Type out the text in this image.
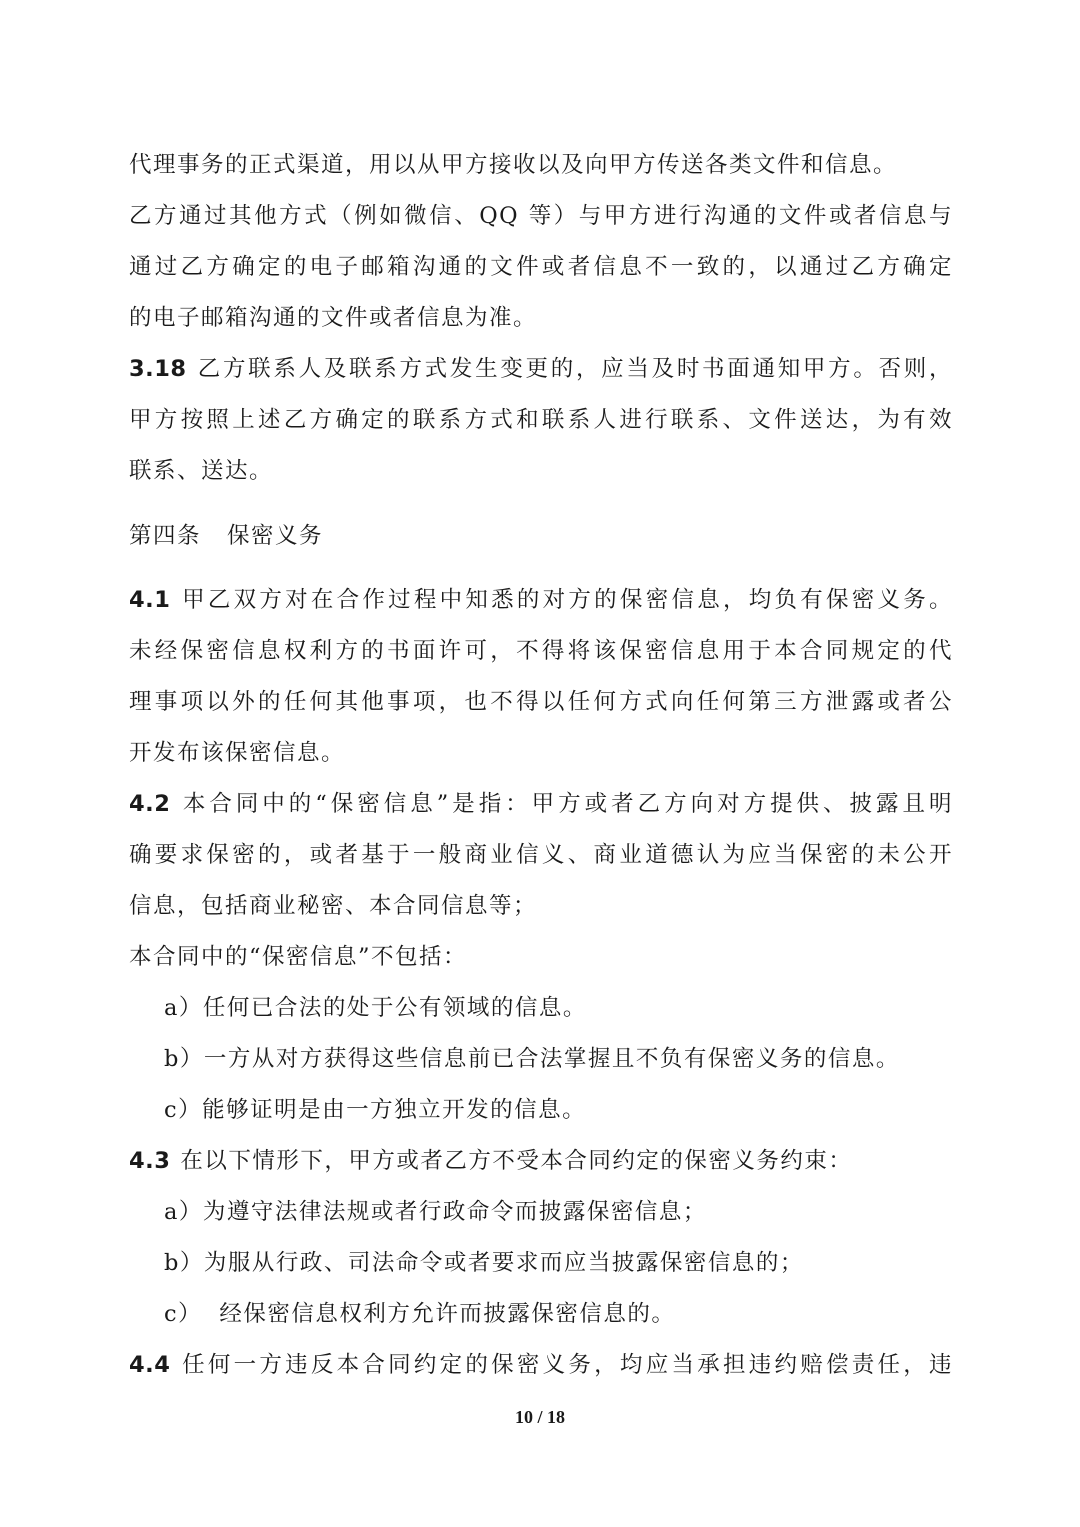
代理事务的正式渠道，用以从甲方接收以及向甲方传送各类文件和信息。
乙方通过其他方式（例如微信、QQ 等）与甲方进行沟通的文件或者信息与
通过乙方确定的电子邮箱沟通的文件或者信息不一致的，以通过乙方确定
的电子邮箱沟通的文件或者信息为准。
3.18 乙方联系人及联系方式发生变更的，应当及时书面通知甲方。否则，
甲方按照上述乙方确定的联系方式和联系人进行联系、文件送达，为有效
联系、送达。
第四条 保密义务
4.1 甲乙双方对在合作过程中知悉的对方的保密信息，均负有保密义务。
未经保密信息权利方的书面许可，不得将该保密信息用于本合同规定的代
理事项以外的任何其他事项，也不得以任何方式向任何第三方泄露或者公
开发布该保密信息。
4.2 本合同中的“保密信息”是指：甲方或者乙方向对方提供、披露且明
确要求保密的，或者基于一般商业信义、商业道德认为应当保密的未公开
信息，包括商业秘密、本合同信息等；
本合同中的“保密信息”不包括：
a）任何已合法的处于公有领域的信息。
b）一方从对方获得这些信息前已合法掌握且不负有保密义务的信息。
c）能够证明是由一方独立开发的信息。
4.3 在以下情形下，甲方或者乙方不受本合同约定的保密义务约束：
a）为遵守法律法规或者行政命令而披露保密信息；
b）为服从行政、司法命令或者要求而应当披露保密信息的；
c）  经保密信息权利方允许而披露保密信息的。
4.4 任何一方违反本合同约定的保密义务，均应当承担违约赔偿责任，违
10 / 18
